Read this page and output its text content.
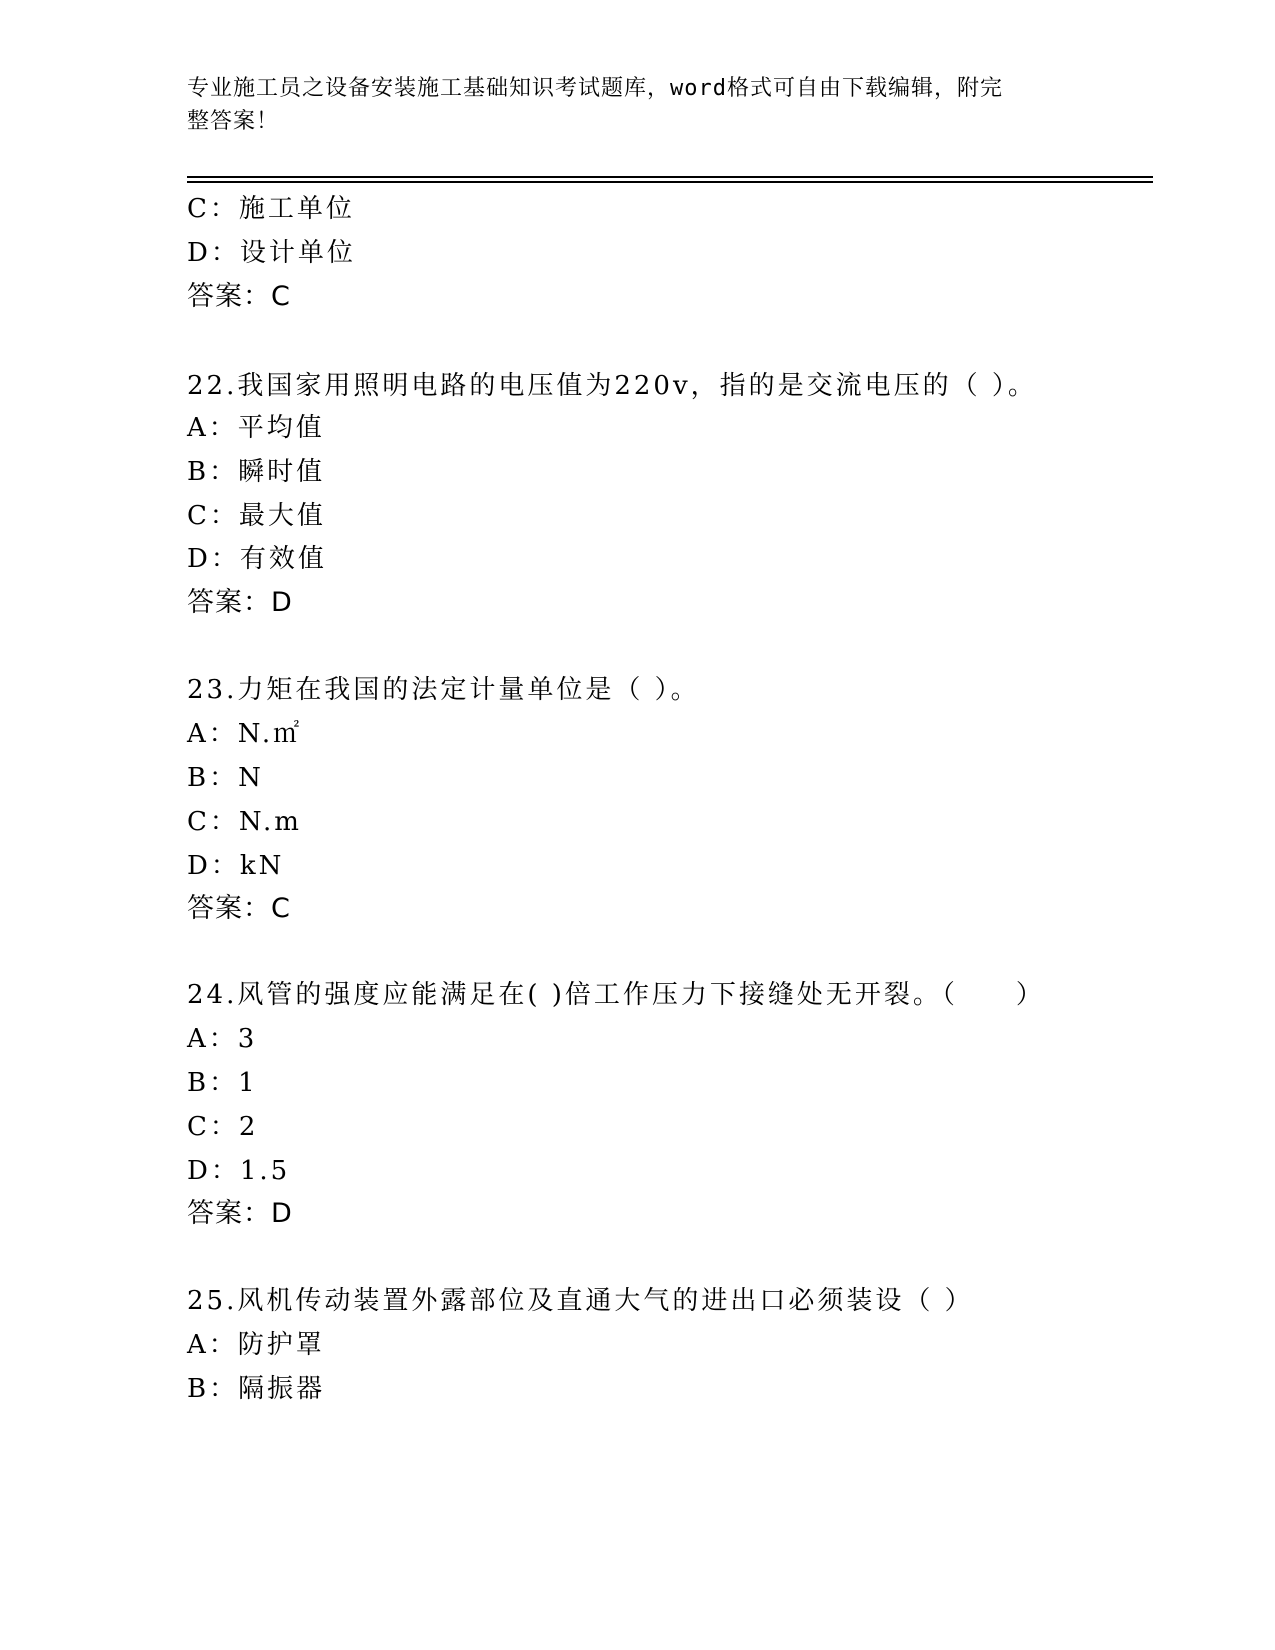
专业施工员之设备安装施工基础知识考试题库，word格式可自由下载编辑，附完
整答案！
C：施工单位
D：设计单位
答案：C
22.我国家用照明电路的电压值为220v，指的是交流电压的（ ）。
A：平均值
B：瞬时值
C：最大值
D：有效值
答案：D
23.力矩在我国的法定计量单位是（ ）。
A：N.㎡
B：N
C：N.m
D：kN
答案：C
24.风管的强度应能满足在( )倍工作压力下接缝处无开裂。（　　）
A：3
B：1
C：2
D：1.5
答案：D
25.风机传动装置外露部位及直通大气的进出口必须装设（ ）
A：防护罩
B：隔振器
